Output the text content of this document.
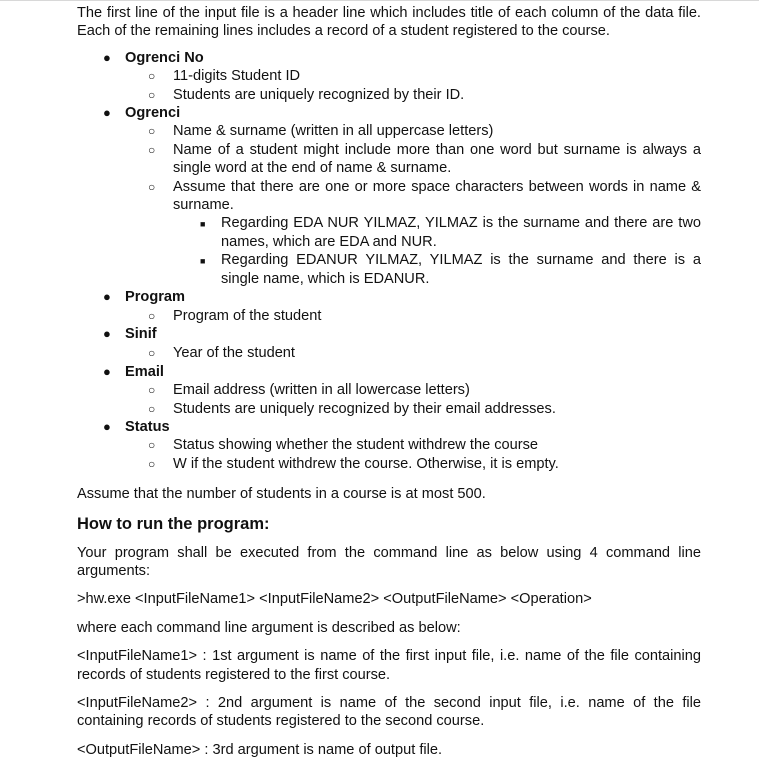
The first line of the input file is a header line which includes title of each column of the data file. Each of the remaining lines includes a record of a student registered to the course.

● Ogrenci No
○ 11-digits Student ID
○ Students are uniquely recognized by their ID.
● Ogrenci
○ Name & surname (written in all uppercase letters)
○ Name of a student might include more than one word but surname is always a single word at the end of name & surname.

○ Assume that there are one or more space characters between words in name & surname.

■ Regarding EDA NUR YILMAZ, YILMAZ is the surname and there are two names, which are EDA and NUR.

■ Regarding EDANUR YILMAZ, YILMAZ is the surname and there is a single name, which is EDANUR.

● Program
○ Program of the student
● Sinif
○ Year of the student
● Email
○ Email address (written in all lowercase letters)
○ Students are uniquely recognized by their email addresses.
● Status
○ Status showing whether the student withdrew the course
○ W if the student withdrew the course. Otherwise, it is empty.

Assume that the number of students in a course is at most 500.

How to run the program:

Your program shall be executed from the command line as below using 4 command line arguments:

>hw.exe <InputFileName1> <InputFileName2> <OutputFileName> <Operation>

where each command line argument is described as below:

<InputFileName1> : 1st argument is name of the first input file, i.e. name of the file containing records of students registered to the first course.

<InputFileName2> : 2nd argument is name of the second input file, i.e. name of the file containing records of students registered to the second course.

<OutputFileName> : 3rd argument is name of output file.
